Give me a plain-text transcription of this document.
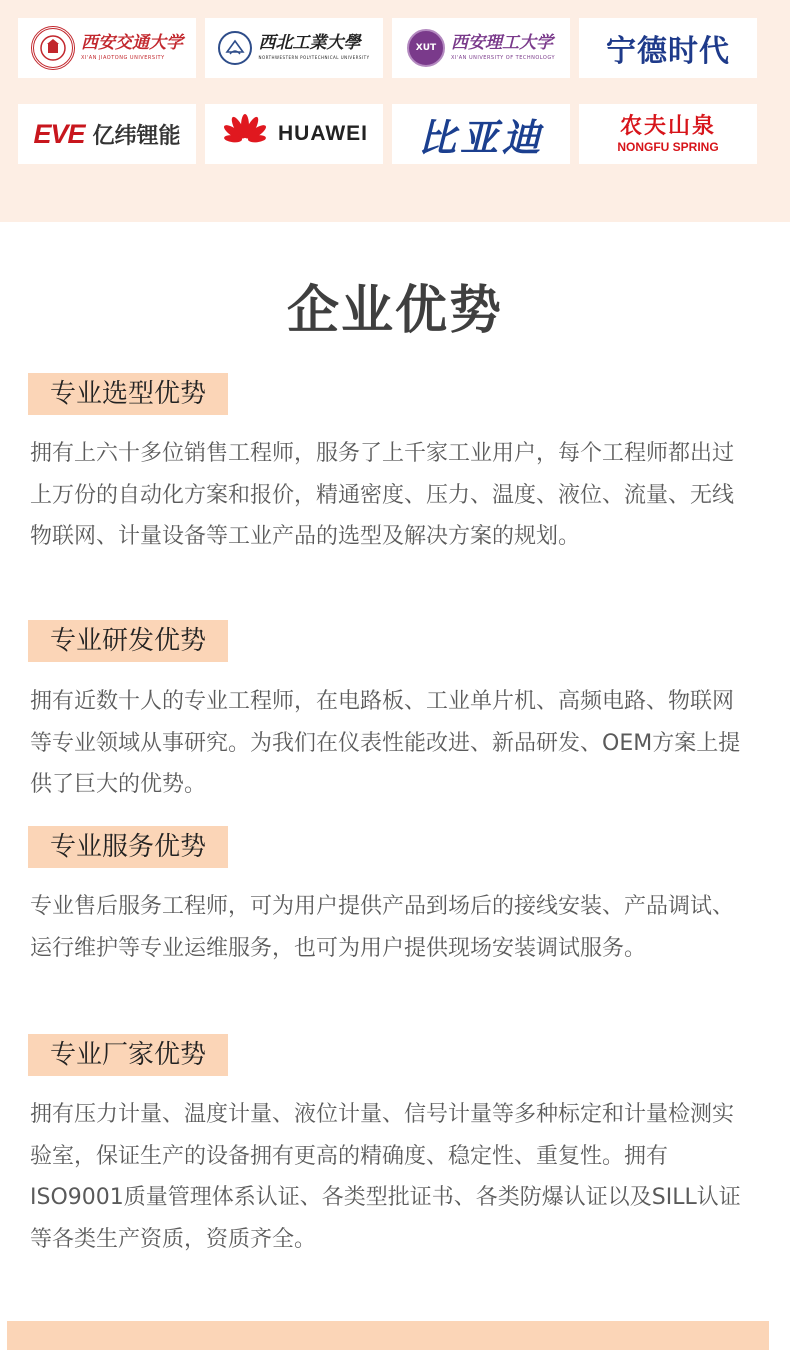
西安交通大学
XI'AN JIAOTONG UNIVERSITY
西北工業大學
NORTHWESTERN POLYTECHNICAL UNIVERSITY
XUT 西安理工大学
XI'AN UNIVERSITY OF TECHNOLOGY 宁德时代
EVE 亿纬锂能	HUAWEI 比亚迪	农夫山泉
NONGFU SPRING
企业优势
专业选型优势

拥有上六十多位销售工程师，服务了上千家工业用户，每个工程师都出过上万份的自动化方案和报价，精通密度、压力、温度、液位、流量、无线物联网、计量设备等工业产品的选型及解决方案的规划。

专业研发优势

拥有近数十人的专业工程师，在电路板、工业单片机、高频电路、物联网等专业领域从事研究。为我们在仪表性能改进、新品研发、OEM方案上提供了巨大的优势。

专业服务优势

专业售后服务工程师，可为用户提供产品到场后的接线安装、产品调试、运行维护等专业运维服务，也可为用户提供现场安装调试服务。

专业厂家优势

拥有压力计量、温度计量、液位计量、信号计量等多种标定和计量检测实验室，保证生产的设备拥有更高的精确度、稳定性、重复性。拥有ISO9001质量管理体系认证、各类型批证书、各类防爆认证以及SILL认证等各类生产资质，资质齐全。
